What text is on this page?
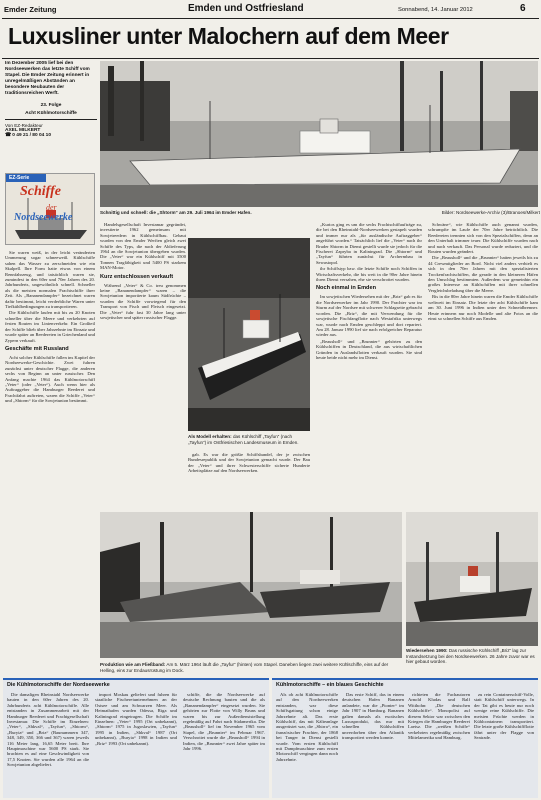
Emder Zeitung	Emden und Ostfriesland	Sonnabend, 14. Januar 2012	6
Luxusliner unter Malochern auf dem Meer
Im Dezember 2005 lief bei den Nordseewerken das letzte Schiff vom Stapel. Die Emder Zeitung erinnert in unregelmäßigen Abständen an besondere Neubauten der traditionsreichen Werft.
23. Folge
Acht Kühlmotorschiffe
Von EZ-Redakteur
AXEL MILKERT
☎ 0 49 21 / 80 04 10
EZ-Serie
Schiffe
der
Nordseewerke	Schnittig und schnell: die „Shtorm“ am 29. Juli 1964 im Emder Hafen.	Bilder: Nordseewerke-Archiv (3)/Branoes/Milkert

Sie waren weiß, in der leicht veränderten Ummerung sogar schneeweiß. Kühlschiffe sahen das Wasser zu zerschneiden wie ein Skalpell. Ihre Form hatte etwas von einem Rennfahrzeug, und tatsächlich waren sie, zumindest in den 60er und 70er Jahren des 20. Jahrhunderts, ungewöhnlich schnell. Schneller als die meisten normalen Frachtschiffe ihrer Zeit. Als „Bananendampfer“ bezeichnet waren dafür bestimmt, leicht verderbliche Waren unter Tiefkühlbedingungen zu transportieren.

Die Kühlschiffe laufen mit bis zu 20 Knoten schneller über die Meere und verkehrten auf festen Routen im Linienverkehr. Ein Großteil der Schiffe blieb über Jahrzehnte im Einsatz und wurde später an Reedereien in Griechenland und Zypern verkauft.

Geschäfte mit Russland

Acht solcher Kühlschiffe fallen ins Kapitel der Nordseewerke-Geschichte. Zwei fuhren zunächst unter deutscher Flagge, die anderen sechs von Beginn an unter russischer. Den Anfang machte 1964 das Kühlmotorschiff „Veter“ (oder „Veter“). Auch wenn hier als Auftraggeber die Hamburger Reederei und Frachtfahrt auftreten, waren die Schiffe „Veter“ und „Shtorm“ für die Sowjetunion bestimmt.

Handelsgesellschaft Investamar gegründet, investierte 1962 gemeinsam mit Sowjetreedern in Kühlschiffbau. Gebaut wurden von den Emder Werften gleich zwei Schiffe des Typs, die nach der Ablieferung 1964 an die Sowjetunion übergeben wurden. Die „Veter“ war ein Kühlschiff mit 3500 Tonnen Tragfähigkeit und 5400 PS starkem MAN-Motor.

Kurz entschlossen verkauft

Während „Veter“ & Co. treu genommen keine „Bananendampfer“ waren – die Sowjetunion importierte kaum Südfrüchte – wurden die Schiffe vorwiegend für den Transport von Fisch und Fleisch eingesetzt. Die „Veter“ fuhr fast 30 Jahre lang unter sowjetischer und später russischer Flagge.

Als Modell erhalten: das Kühlschiff „Tayfun“ (nach „Tayfun“) im Ostfriesischen Landesmuseum in Emden.

gab. Es war die größte Schiffsbandel, der je zwischen Bundesrepublik und der Sowjetunion gemacht wurde. Der Bau der „Veter“ und ihrer Schwesterschiffe sicherte Hunderte Arbeitsplätze auf den Nordseewerken.

„Kurios ging es um die sechs Frachtschiffaufträge zu, die bei den Rheinstahl-Nordseewerken gestapelt wurden und immer nur als „für ausländische Auftraggeber“ angeführt worden.“ Tatsächlich lief die „Veter“ nach ihr Bruder Shtorm in Dienst gestellt wurde sie jedoch für die Fischerei Zapryba in Kaliningrad. Die „Shtorm“ und „Tayfun“ führten zunächst für Archermbau in Sewastopol.

ihr Schiffstyp bzw. die letzte Schiffe noch Schiffen in Wirtschaftsverkehr, die bis weit in die 90er Jahre hinein ihren Dienst versahen, ehe sie verschrottet wurden.

Noch einmal in Emden

Im sowjetischen Wiedersehen mit der „Briz“ gab es für die Nordseewerker im Jahr 1990. Der Frachter war im Sturm auf der Nordsee mit schwerer Schlagseite gebracht worden. Die „Briz“, die mit Verwendung für die sowjetische Fischfangflotte nach Westafrika unterwegs war, wurde nach Emden geschleppt und dort repariert. Am 28. Januar 1990 lief sie nach erfolgreicher Reparatur wieder aus.

„Beausholl“ und „Brunnier“ gehörten zu den Kühlschiffen in Deutschland, die aus wirtschaftlichen Gründen in Auslandsflotten verkauft wurden. Sie sind heute beide nicht mehr im Dienst.

Schwäne“, wie Kühlschiffe auch genannt wurden, schrumpfte im Laufe der 70er Jahre beträchtlich. Die Reedereien trennten sich von den Spezialschiffen, denn an den Unterhalt trimmer teuer. Die Kühlschiffe wurden nach und nach verkauft. Das Personal wurde reduziert, und die Routen wurden geändert.

Die „Beausholl“ und die „Brunnier“ hatten jeweils bis zu 44 Crewmitglieder an Bord. Nicht viel anders verhielt es sich in den 70er Jahren mit den spezialisierten Trockenfrachtschiffen, die gerade in den kleineren Häfen den Umschlag bestimmten. Außerdem war gemeinhin ein großes Interesse an Kühlschiffen mit ihrer schnellen Vergleichsbeladung über die Meere.

Bis in die 80er Jahre hinein waren die Emder Kühlschiffe weltweit im Einsatz. Die letzte der acht Kühlschiffe kam am 30. Juni 1996 in Indien unter den Schneidbrenner. Heute erinnern nur noch Modelle und alte Fotos an die einst so schnellen Schiffe aus Emden.

Produktion wie am Fließband: Am 5. März 1964 läuft die „Tayfur“ (hinten) vom Stapel. Daneben liegen zwei weitere Kühlschiffe, eins auf der Helling, eins zur Endausrüstung im Dock.
Wiedersehen 1990: Das russische Kühlschiff „Briz“ lag zur Instandsetzung bei den Nordseewerken. 26 Jahre zuvor war es hier gebaut worden.
Die Kühlmotorschiffe der Nordseewerke

Die damaligen Rheinstahl Nordseewerke bauten in den 60er Jahren des 20. Jahrhunderts acht Kühlmotorschiffe. Alle entstanden in Zusammenarbeit mit der Hamburger Reederei und Frachtgesellschaft Investamar. Die Schiffe im Einzelnen: „Veter“, „Shkval“, „Tayfun“, „Shtorm“, „Buryia“ und „Briz“ (Baunummern 347, 348, 349, 350, 366 und 367) waren jeweils 116 Meter lang, 16,65 Meter breit. Ihre Hauptmaschine war 5600 PS stark. Sie brachten es auf eine Geschwindigkeit von 17,5 Knoten. Sie wurden alle 1964 an die Sowjetunion abgeliefert.

import Moskau geliefert und fuhren für staatliche Fischereiunternehmen an der Ostsee und am Schwarzen Meer. Als Heimathafen wurden Odessa, Riga und Kaliningrad eingetragen. Die Schiffe im Einzelnen: „Veter“ 1995 (Ort unbekannt), „Shtorm“ 1975 in Jugoslawien, „Tayfun“ 1995 in Indien, „Shkval“ 1987 (Ort unbekannt), „Buryia“ 1998 in Indien und „Briz“ 1993 (Ort unbekannt).

schiffe, die die Nordseewerke auf deutsche Rechnung bauten und die als „Bananendampfer“ eingesetzt wurden. Sie gehörten zur Flotte von Willy Bruns und waren bis zur Außerdienststellung regelmäßig auf Fahrt nach Südamerika. Die „Beausholl“ lief im November 1965 vom Stapel, die „Brunnier“ im Februar 1967. Verschrottet wurde die „Beausholl“ 1994 in Indien, die „Brunnier“ zwei Jahre später im Jahr 1996.

Kühlmotorschiffe – ein blaues Geschichte

Als ob acht Kühlmotorschiffe auf den Nordseewerken entstanden, war diese Schiffsgattung schon einige Jahrzehnte alt. Das erste Kühlschiff, das mit Kälteanlage ausgerüstet war, die „Shirra“, ein französischer Frachter, der 1868 bei Tanger in Dienst gestellt wurde. Vom ersten Kühlschiff mit Dampfmaschine zum ersten Motorschiff vergingen dann noch Jahrzehnte.

Das erste Schiff, das in einem deutschen Hafen Bananen anlandete, war die „Pionier“ im Jahr 1907 in Hamburg. Bananen galten damals als exotisches Luxusprodukt, das nur mit schnellen Kühlschiffen unverdorben über den Atlantik transportiert werden konnte.

richteten die Fachautoren Arnold Kludas und Ralf Witthohn: „Die deutschen Kühlschiffe“. Monopolist auf diesem Sektor war zwischen den Kriegen die Hamburger Reederei Laeisz. Die „weißen Schiffe“ verkehrten regelmäßig zwischen Mittelamerika und Hamburg.

zu rein Containerschiff-Volle, statt Kühlschiff unterwegs. In der Tat gibt es heute nur noch wenige reine Kühlschiffe. Die meisten Früchte werden in Kühlcontainern transportiert. Die letzte große Kühlschiffflotte fährt unter der Flagge von Seatrade.
